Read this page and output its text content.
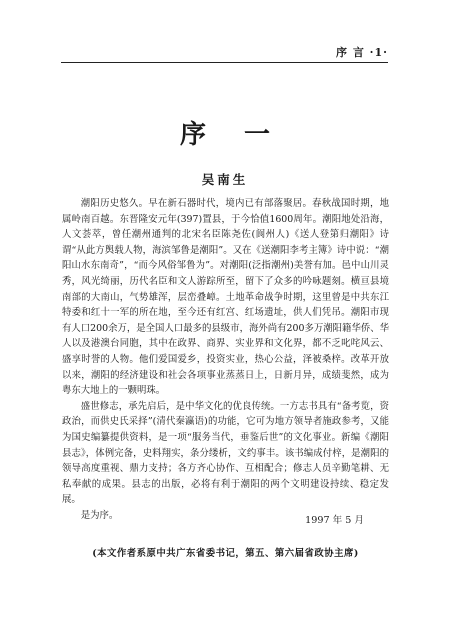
序 言 ·1·
序一
吴南生

潮阳历史悠久。早在新石器时代，境内已有部落聚居。春秋战国时期，地属岭南百越。东晋隆安元年(397)置县，于今恰值1600周年。潮阳地处沿海，人文荟萃，曾任潮州通判的北宋名臣陈尧佐(阆州人)《送人登第归潮阳》诗谓“从此方舆载人物，海滨邹鲁是潮阳”。又在《送潮阳李考主簿》诗中说：“潮阳山水东南奇”，“而今风俗邹鲁为”。对潮阳(泛指潮州)美誉有加。邑中山川灵秀，风光绮丽，历代名臣和文人游踪所至，留下了众多的吟咏题刻。横亘县境南部的大南山，气势雄浑，层峦叠嶂。土地革命战争时期，这里曾是中共东江特委和红十一军的所在地，至今还有红宫、红场遗址，供人们凭吊。潮阳市现有人口200余万，是全国人口最多的县级市，海外尚有200多万潮阳籍华侨、华人以及港澳台同胞，其中在政界、商界、实业界和文化界，都不乏叱咤风云、盛享时誉的人物。他们爱国爱乡，投资实业，热心公益，泽被桑梓。改革开放以来，潮阳的经济建设和社会各项事业蒸蒸日上，日新月异，成绩斐然，成为粤东大地上的一颗明珠。

盛世修志，承先启后，是中华文化的优良传统。一方志书具有“备考览，资政治，而供史氏采择”(清代秦瀛语)的功能，它可为地方领导者施政参考，又能为国史编纂提供资料，是一项“服务当代，垂鉴后世”的文化事业。新编《潮阳县志》，体例完备，史料翔实，条分缕析，文约事丰。该书编成付梓，是潮阳的领导高度重视、鼎力支持；各方齐心协作、互相配合；修志人员辛勤笔耕、无私奉献的成果。县志的出版，必将有利于潮阳的两个文明建设持续、稳定发展。

是为序。	1997 年 5 月
(本文作者系原中共广东省委书记，第五、第六届省政协主席)
